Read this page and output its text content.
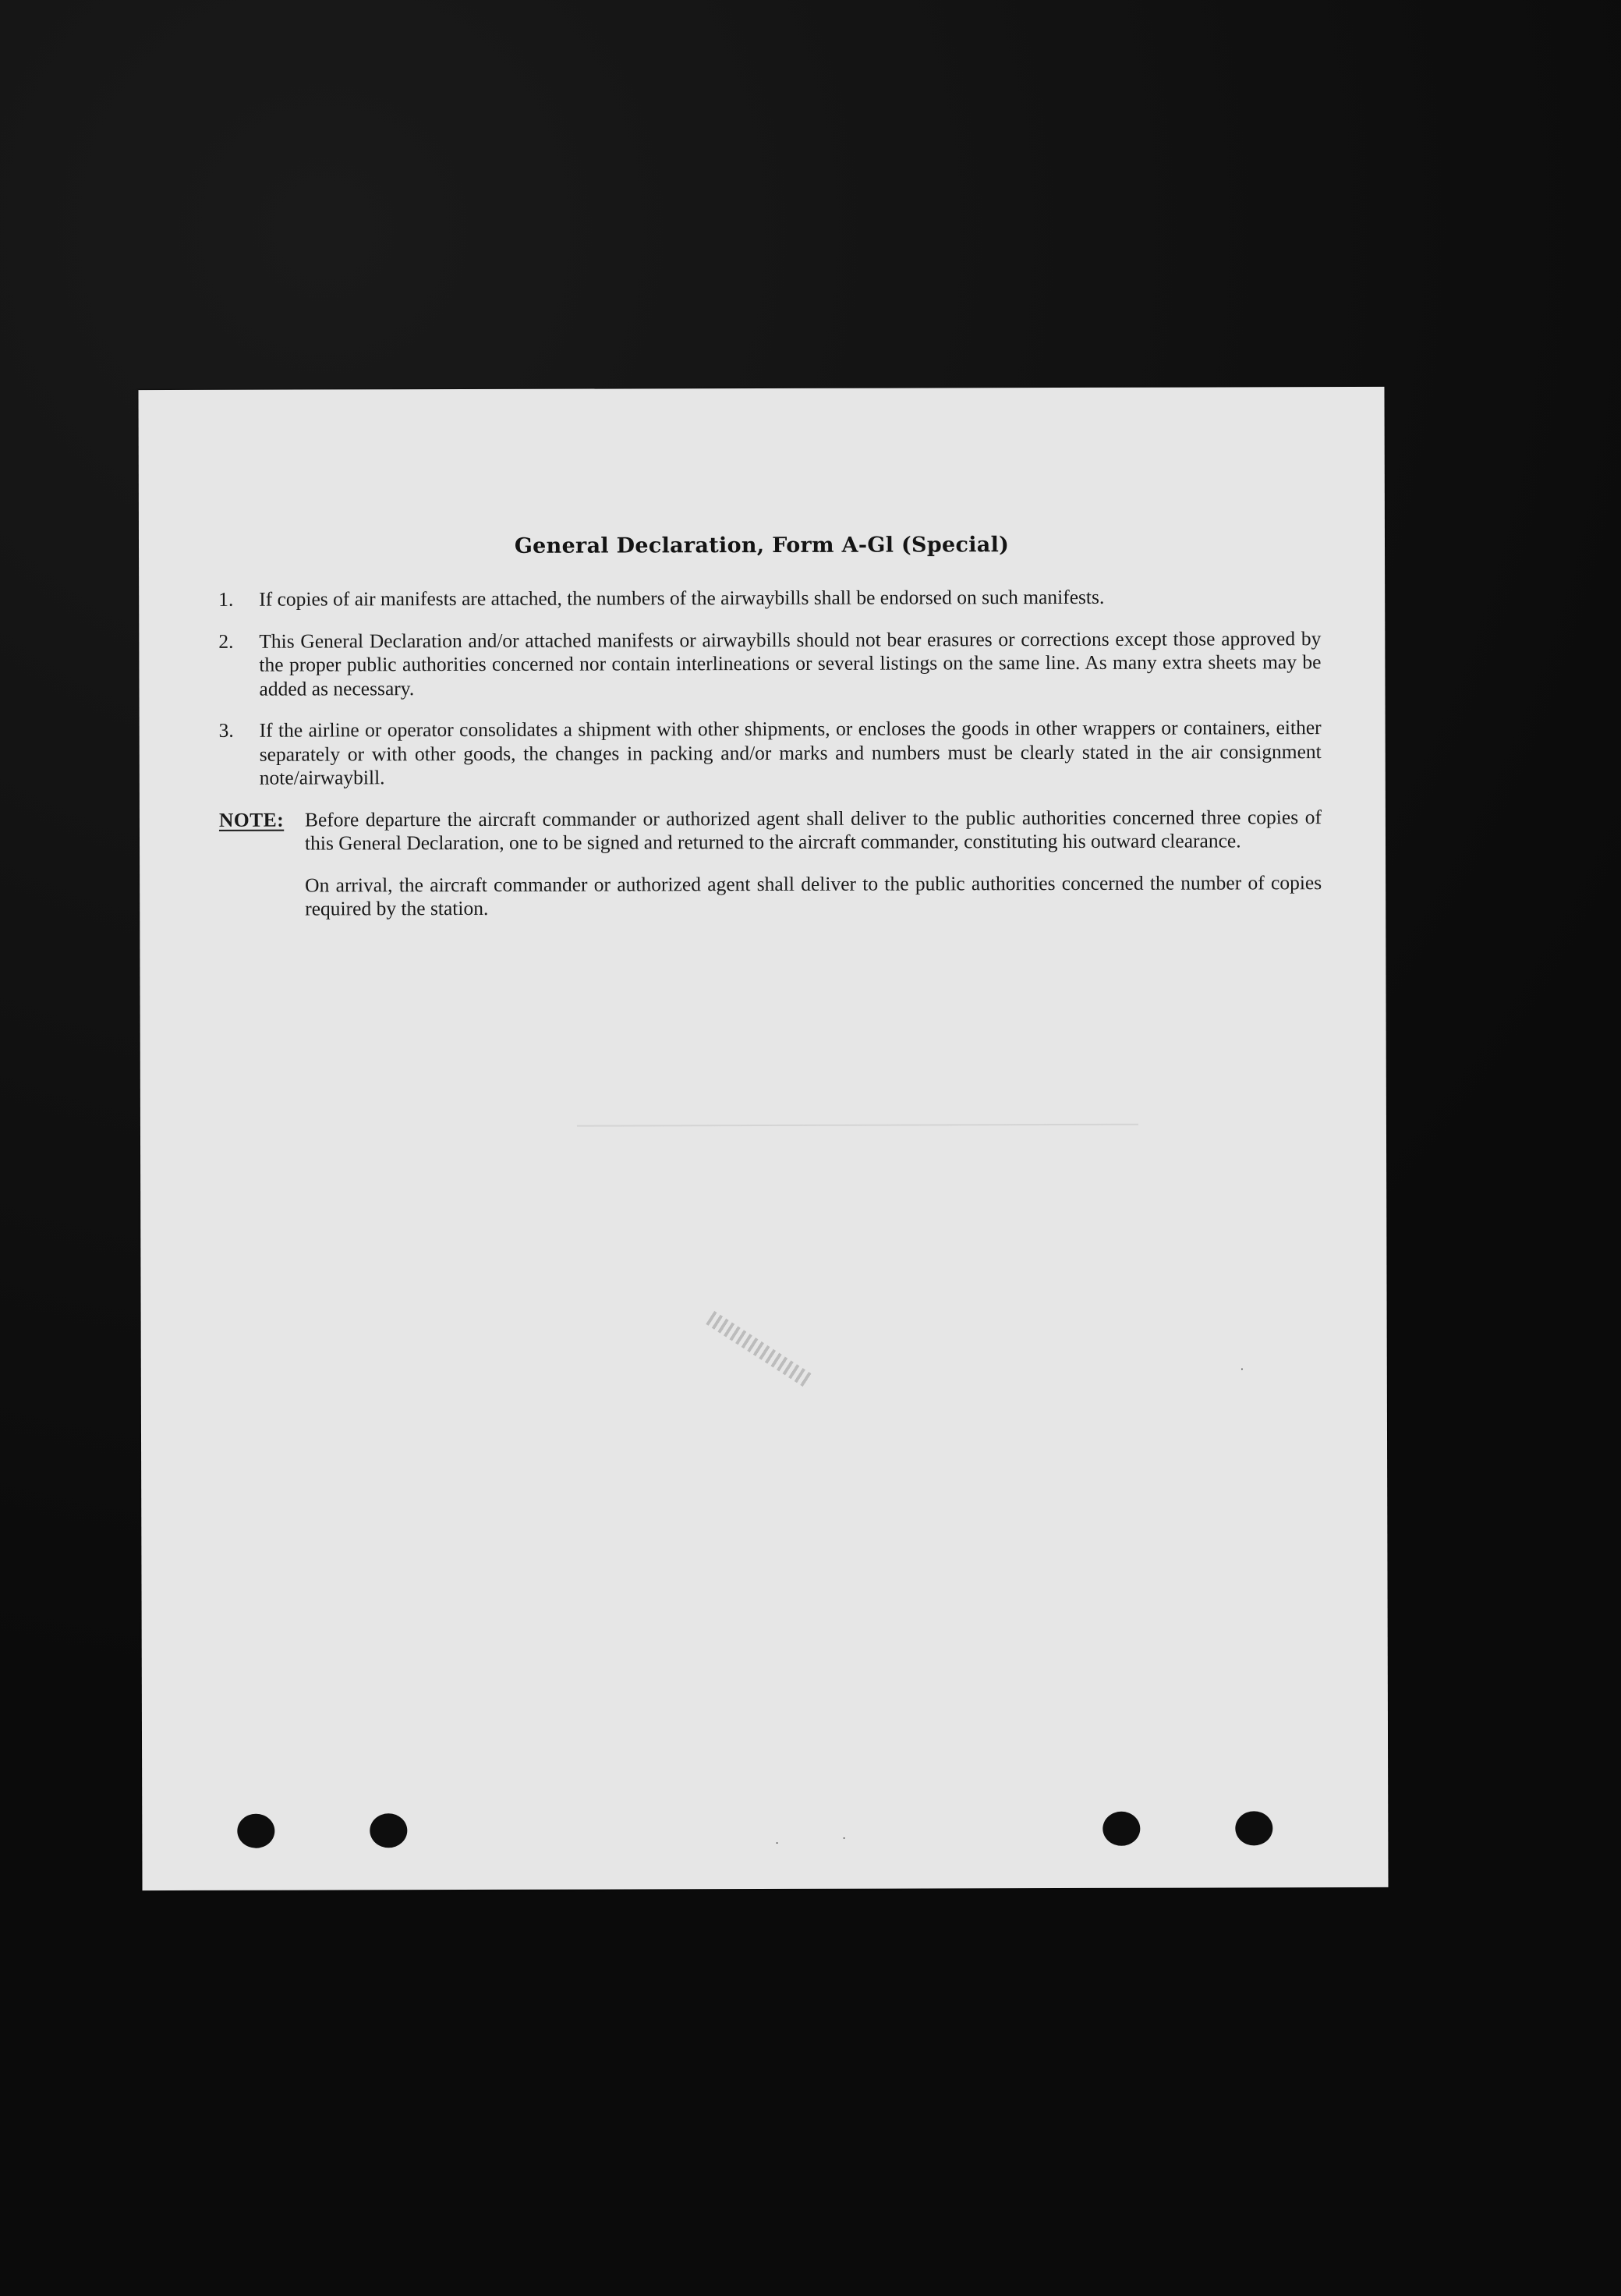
General Declaration, Form A-Gl (Special)
1.	If copies of air manifests are attached, the numbers of the airwaybills shall be endorsed on such manifests.
2.	This General Declaration and/or attached manifests or airwaybills should not bear erasures or corrections except those approved by the proper public authorities concerned nor contain interlineations or several listings on the same line. As many extra sheets may be added as necessary.
3.	If the airline or operator consolidates a shipment with other shipments, or encloses the goods in other wrappers or containers, either separately or with other goods, the changes in packing and/or marks and numbers must be clearly stated in the air consignment note/airwaybill.
NOTE:	Before departure the aircraft commander or authorized agent shall deliver to the public authorities concerned three copies of this General Declaration, one to be signed and returned to the aircraft commander, constituting his outward clearance.

On arrival, the aircraft commander or authorized agent shall deliver to the public authorities concerned the number of copies required by the station.

·	·
·
